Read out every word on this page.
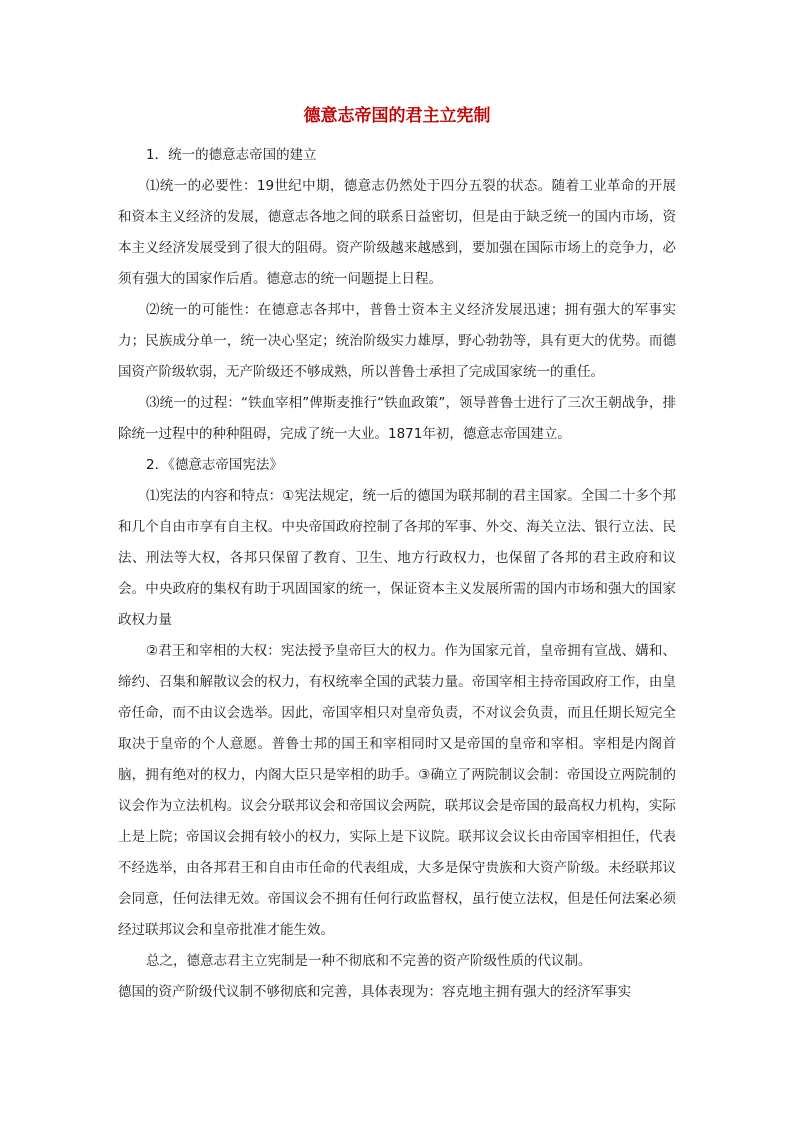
德意志帝国的君主立宪制

1．统一的德意志帝国的建立

⑴统一的必要性：19世纪中期，德意志仍然处于四分五裂的状态。随着工业革命的开展和资本主义经济的发展，德意志各地之间的联系日益密切，但是由于缺乏统一的国内市场，资本主义经济发展受到了很大的阻碍。资产阶级越来越感到，要加强在国际市场上的竞争力，必须有强大的国家作后盾。德意志的统一问题提上日程。

⑵统一的可能性：在德意志各邦中，普鲁士资本主义经济发展迅速；拥有强大的军事实力；民族成分单一，统一决心坚定；统治阶级实力雄厚，野心勃勃等，具有更大的优势。而德国资产阶级软弱，无产阶级还不够成熟，所以普鲁士承担了完成国家统一的重任。

⑶统一的过程：“铁血宰相”俾斯麦推行“铁血政策”，领导普鲁士进行了三次王朝战争，排除统一过程中的种种阻碍，完成了统一大业。1871年初，德意志帝国建立。

2．《德意志帝国宪法》

⑴宪法的内容和特点：①宪法规定，统一后的德国为联邦制的君主国家。全国二十多个邦和几个自由市享有自主权。中央帝国政府控制了各邦的军事、外交、海关立法、银行立法、民法、刑法等大权，各邦只保留了教育、卫生、地方行政权力，也保留了各邦的君主政府和议会。中央政府的集权有助于巩固国家的统一，保证资本主义发展所需的国内市场和强大的国家政权力量

②君王和宰相的大权：宪法授予皇帝巨大的权力。作为国家元首，皇帝拥有宣战、媾和、缔约、召集和解散议会的权力，有权统率全国的武装力量。帝国宰相主持帝国政府工作，由皇帝任命，而不由议会选举。因此，帝国宰相只对皇帝负责，不对议会负责，而且任期长短完全取决于皇帝的个人意愿。普鲁士邦的国王和宰相同时又是帝国的皇帝和宰相。宰相是内阁首脑，拥有绝对的权力，内阁大臣只是宰相的助手。③确立了两院制议会制：帝国设立两院制的议会作为立法机构。议会分联邦议会和帝国议会两院，联邦议会是帝国的最高权力机构，实际上是上院；帝国议会拥有较小的权力，实际上是下议院。联邦议会议长由帝国宰相担任，代表不经选举，由各邦君王和自由市任命的代表组成，大多是保守贵族和大资产阶级。未经联邦议会同意，任何法律无效。帝国议会不拥有任何行政监督权，虽行使立法权，但是任何法案必须经过联邦议会和皇帝批准才能生效。

总之，德意志君主立宪制是一种不彻底和不完善的资产阶级性质的代议制。

德国的资产阶级代议制不够彻底和完善，具体表现为：容克地主拥有强大的经济军事实
